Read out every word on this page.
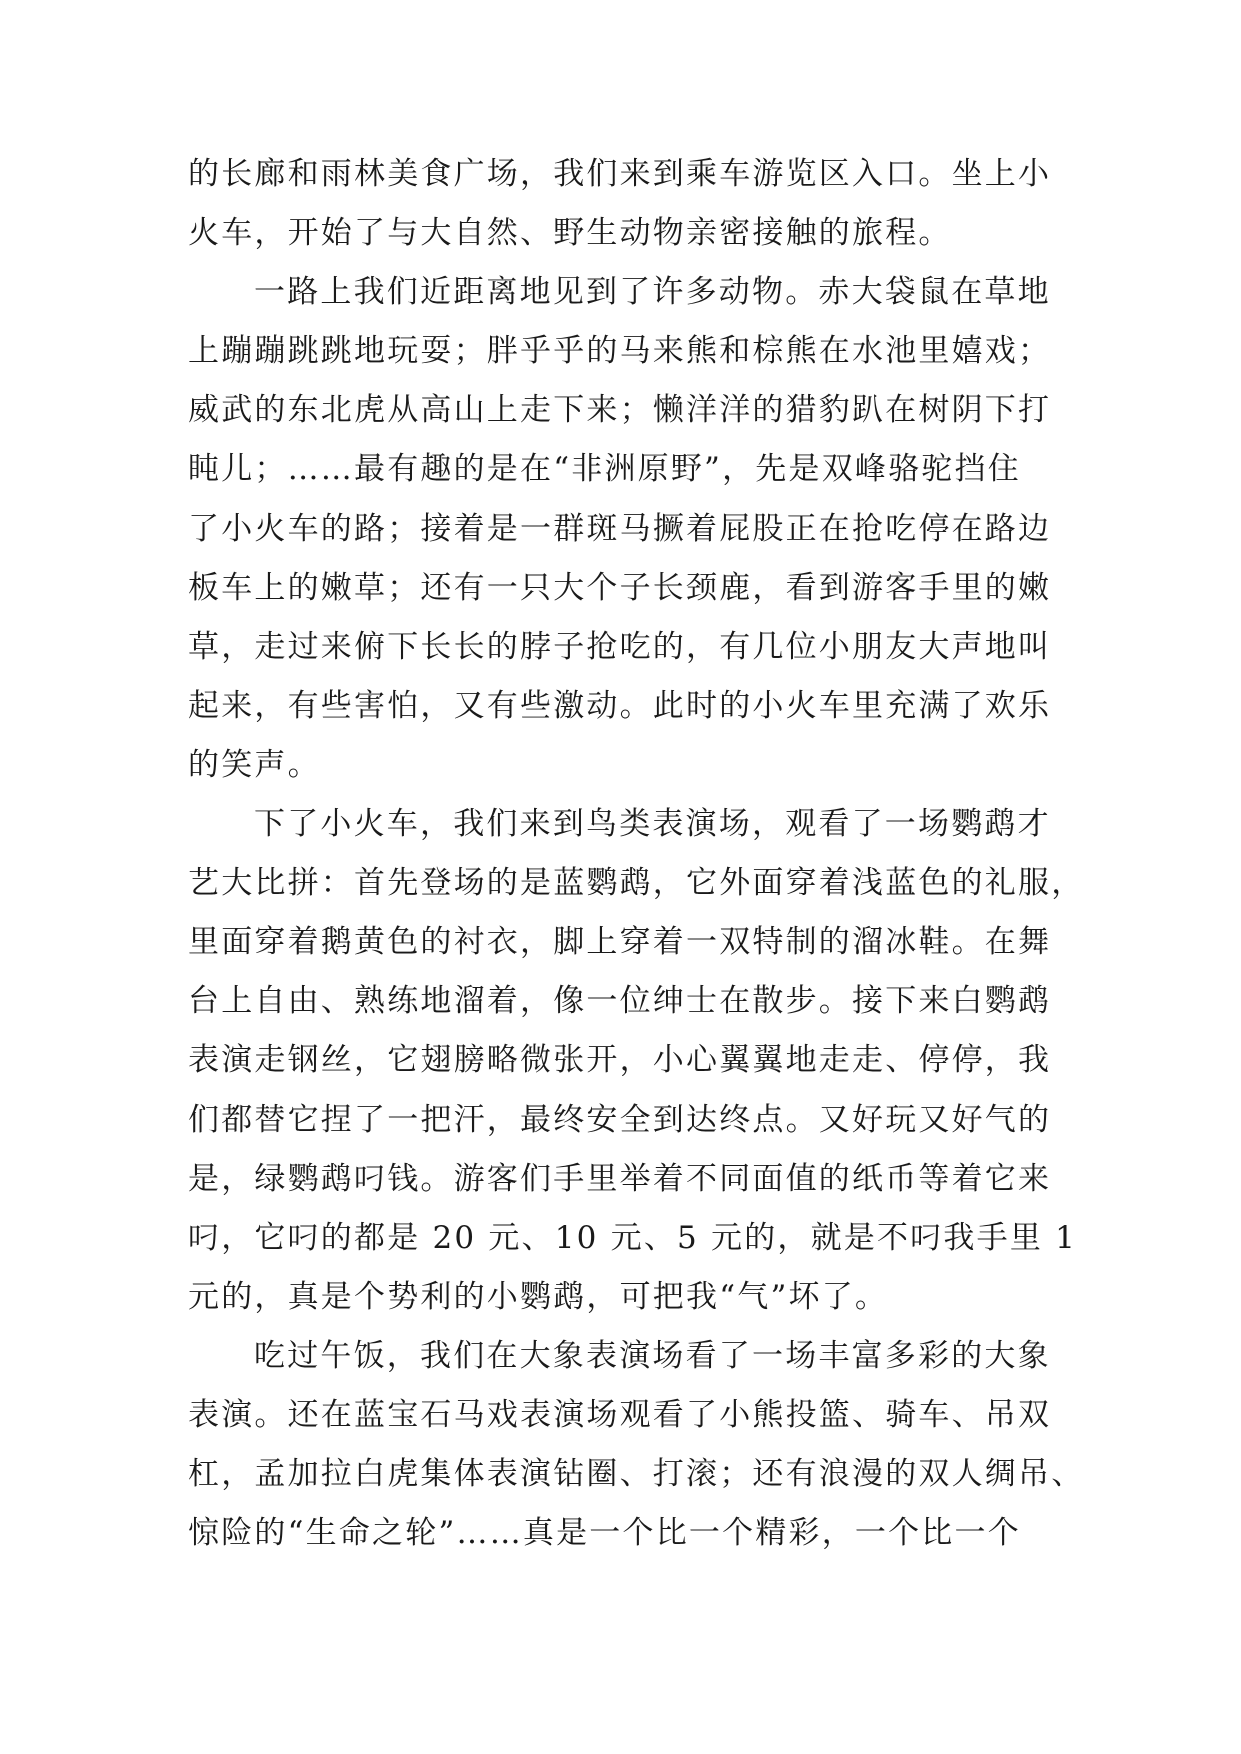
的长廊和雨林美食广场，我们来到乘车游览区入口。坐上小
火车，开始了与大自然、野生动物亲密接触的旅程。
一路上我们近距离地见到了许多动物。赤大袋鼠在草地
上蹦蹦跳跳地玩耍；胖乎乎的马来熊和棕熊在水池里嬉戏；
威武的东北虎从高山上走下来；懒洋洋的猎豹趴在树阴下打
盹儿；……最有趣的是在“非洲原野”，先是双峰骆驼挡住
了小火车的路；接着是一群斑马撅着屁股正在抢吃停在路边
板车上的嫩草；还有一只大个子长颈鹿，看到游客手里的嫩
草，走过来俯下长长的脖子抢吃的，有几位小朋友大声地叫
起来，有些害怕，又有些激动。此时的小火车里充满了欢乐
的笑声。
下了小火车，我们来到鸟类表演场，观看了一场鹦鹉才
艺大比拼：首先登场的是蓝鹦鹉，它外面穿着浅蓝色的礼服，
里面穿着鹅黄色的衬衣，脚上穿着一双特制的溜冰鞋。在舞
台上自由、熟练地溜着，像一位绅士在散步。接下来白鹦鹉
表演走钢丝，它翅膀略微张开，小心翼翼地走走、停停，我
们都替它捏了一把汗，最终安全到达终点。又好玩又好气的
是，绿鹦鹉叼钱。游客们手里举着不同面值的纸币等着它来
叼，它叼的都是 20 元、10 元、5 元的，就是不叼我手里 1
元的，真是个势利的小鹦鹉，可把我“气”坏了。
吃过午饭，我们在大象表演场看了一场丰富多彩的大象
表演。还在蓝宝石马戏表演场观看了小熊投篮、骑车、吊双
杠，孟加拉白虎集体表演钻圈、打滚；还有浪漫的双人绸吊、
惊险的“生命之轮”……真是一个比一个精彩，一个比一个
